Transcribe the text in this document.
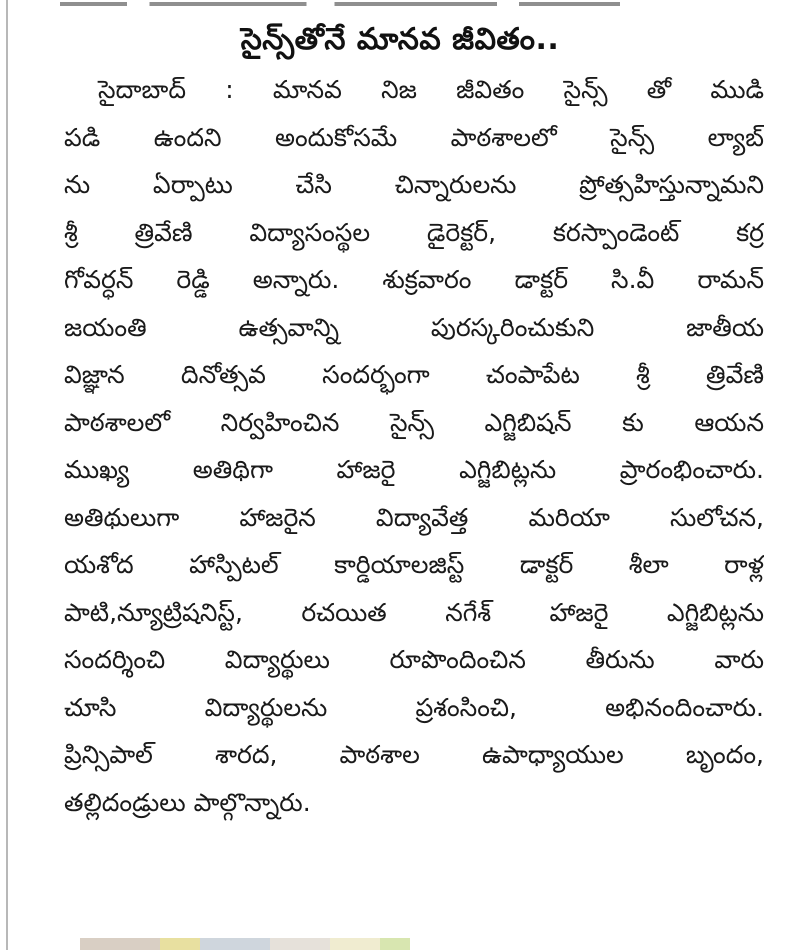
సైన్స్‌తోనే మానవ జీవితం..
సైదాబాద్ : మానవ నిజ జీవితం సైన్స్ తో ముడి
పడి ఉందని అందుకోసమే పాఠశాలలో సైన్స్ ల్యాబ్
ను ఏర్పాటు చేసి చిన్నారులను ప్రోత్సహిస్తున్నామని
శ్రీ త్రివేణి విద్యాసంస్థల డైరెక్టర్, కరస్పాండెంట్ కర్ర
గోవర్ధన్ రెడ్డి అన్నారు. శుక్రవారం డాక్టర్ సి.వీ రామన్
జయంతి ఉత్సవాన్ని పురస్కరించుకుని జాతీయ
విజ్ఞాన దినోత్సవ సందర్భంగా చంపాపేట శ్రీ త్రివేణి
పాఠశాలలో నిర్వహించిన సైన్స్ ఎగ్జిబిషన్ కు ఆయన
ముఖ్య అతిథిగా హాజరై ఎగ్జిబిట్లను ప్రారంభించారు.
అతిథులుగా హాజరైన విద్యావేత్త మరియా సులోచన,
యశోద హాస్పిటల్ కార్డియాలజిస్ట్ డాక్టర్ శీలా రాళ్ల
పాటి,న్యూట్రిషనిస్ట్, రచయిత నగేశ్ హాజరై ఎగ్జిబిట్లను
సందర్శించి విద్యార్థులు రూపొందించిన తీరును వారు
చూసి విద్యార్థులను ప్రశంసించి, అభినందించారు.
ప్రిన్సిపాల్ శారద, పాఠశాల ఉపాధ్యాయుల బృందం,
తల్లిదండ్రులు పాల్గొన్నారు.
